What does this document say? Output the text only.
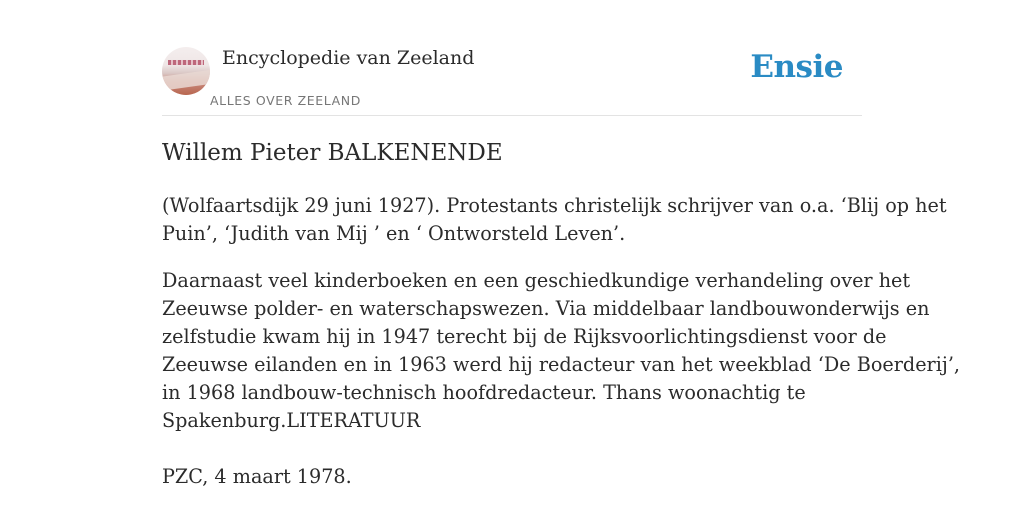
Encyclopedie van Zeeland
ALLES OVER ZEELAND
Ensie
Willem Pieter BALKENENDE

(Wolfaartsdijk 29 juni 1927). Protestants christelijk schrijver van o.a. ‘Blij op het
Puin’, ‘Judith van Mij ’ en ‘ Ontworsteld Leven’.

Daarnaast veel kinderboeken en een geschiedkundige verhandeling over het
Zeeuwse polder- en waterschapswezen. Via middelbaar landbouwonderwijs en
zelfstudie kwam hij in 1947 terecht bij de Rijksvoorlichtingsdienst voor de
Zeeuwse eilanden en in 1963 werd hij redacteur van het weekblad ‘De Boerderij’,
in 1968 landbouw-technisch hoofdredacteur. Thans woonachtig te
Spakenburg.LITERATUUR

PZC, 4 maart 1978.
